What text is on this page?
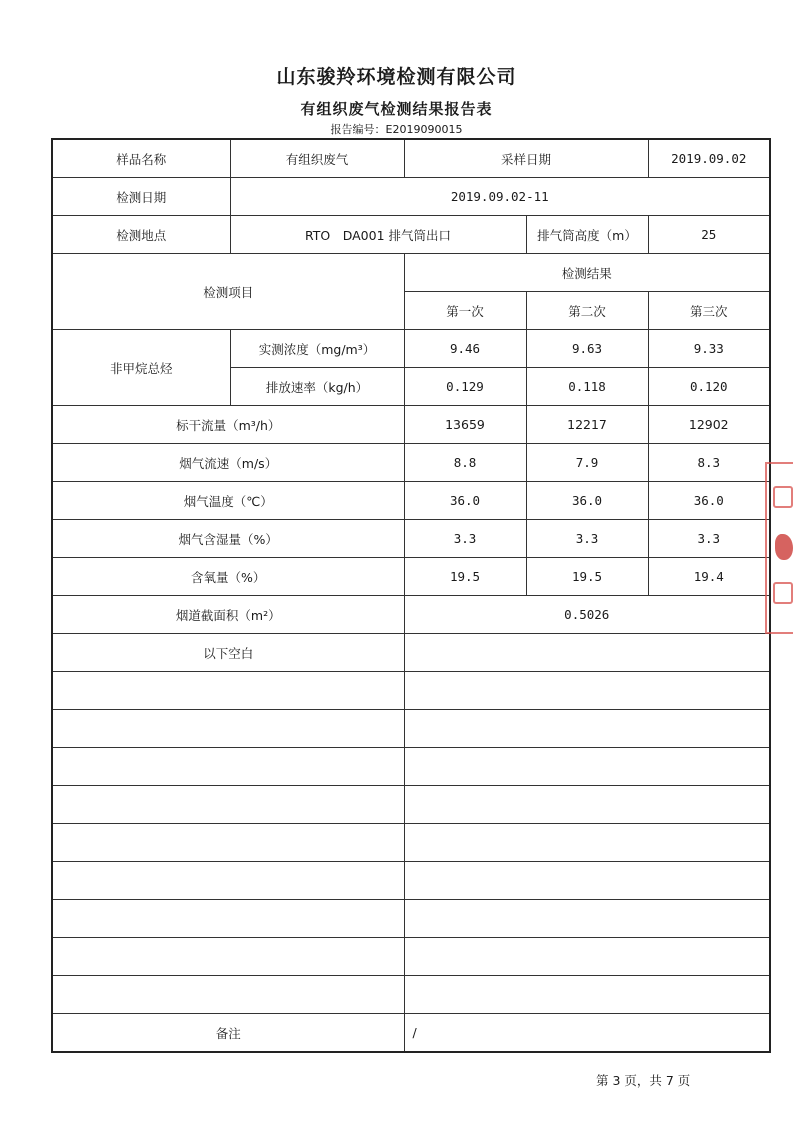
山东骏羚环境检测有限公司
有组织废气检测结果报告表
报告编号：E2019090015
样品名称	有组织废气	采样日期		2019.09.02
检测日期	2019.09.02-11			
检测地点	RTO　DA001 排气筒出口		排气筒高度（m）	25
检测项目		检测结果		
		第一次	第二次	第三次
非甲烷总烃	实测浓度（mg/m³）	9.46	9.63	9.33
	排放速率（kg/h）	0.129	0.118	0.120
标干流量（m³/h）		13659	12217	12902
烟气流速（m/s）		8.8	7.9	8.3
烟气温度（℃）		36.0	36.0	36.0
烟气含湿量（%）		3.3	3.3	3.3
含氧量（%）		19.5	19.5	19.4
烟道截面积（m²）		0.5026		
以下空白				

备注		/		
第 3 页，共 7 页
